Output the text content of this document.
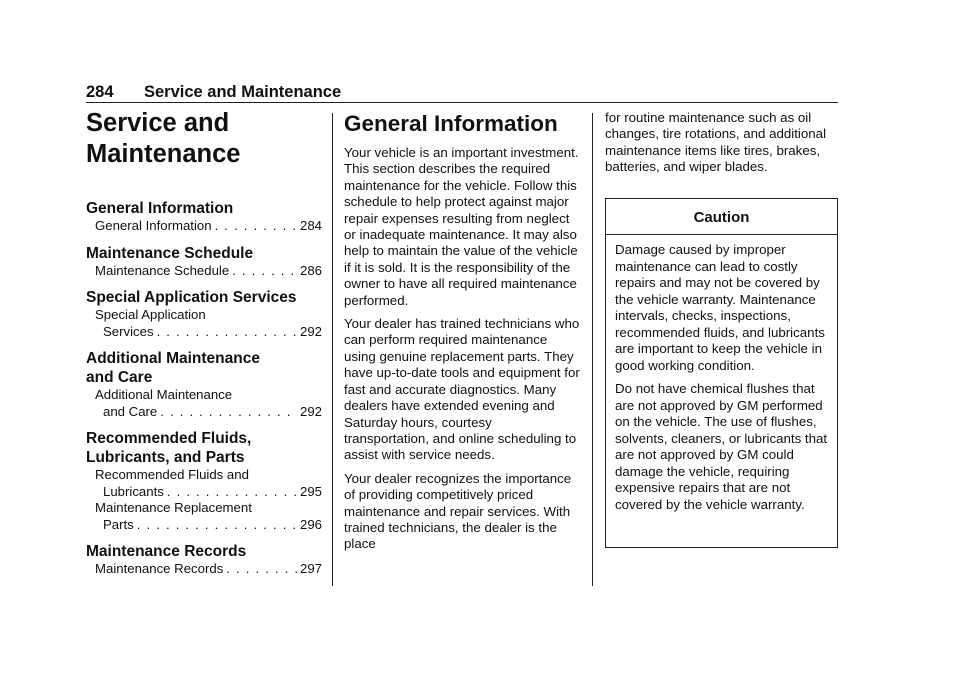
284 Service and Maintenance
Service and
Maintenance
General Information
General Information . . .	284
Maintenance Schedule
Maintenance Schedule . . .	286
Special Application Services
Special Application
Services . . .	292
Additional Maintenance
and Care
Additional Maintenance
and Care . . .	292
Recommended Fluids,
Lubricants, and Parts
Recommended Fluids and
Lubricants . . .	295
Maintenance Replacement
Parts . . .	296
Maintenance Records
Maintenance Records . . .	297
General Information
Your vehicle is an important investment. This section describes the required maintenance for the vehicle. Follow this schedule to help protect against major repair expenses resulting from neglect or inadequate maintenance. It may also help to maintain the value of the vehicle if it is sold. It is the responsibility of the owner to have all required maintenance performed.
Your dealer has trained technicians who can perform required maintenance using genuine replacement parts. They have up-to-date tools and equipment for fast and accurate diagnostics. Many dealers have extended evening and Saturday hours, courtesy transportation, and online scheduling to assist with service needs.
Your dealer recognizes the importance of providing competitively priced maintenance and repair services. With trained technicians, the dealer is the place
for routine maintenance such as oil changes, tire rotations, and additional maintenance items like tires, brakes, batteries, and wiper blades.
Caution
Damage caused by improper maintenance can lead to costly repairs and may not be covered by the vehicle warranty. Maintenance intervals, checks, inspections, recommended fluids, and lubricants are important to keep the vehicle in good working condition.
Do not have chemical flushes that are not approved by GM performed on the vehicle. The use of flushes, solvents, cleaners, or lubricants that are not approved by GM could damage the vehicle, requiring expensive repairs that are not covered by the vehicle warranty.
